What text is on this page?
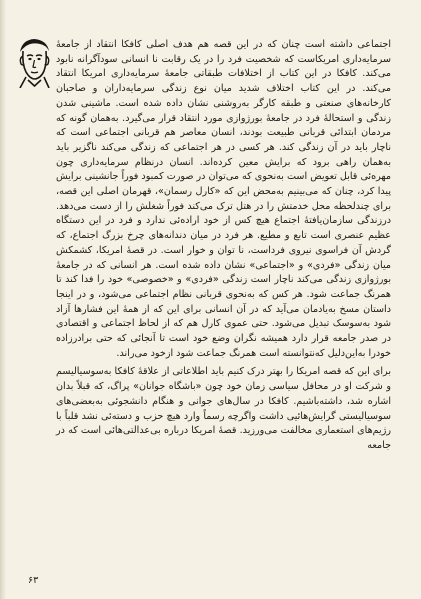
اجتماعی داشته است چنان که در این قصه هم هدف اصلی کافکا انتقاد از جامعهٔ سرمایه‌داری امریکاست که شخصیت فرد را در یک رقابت نا انسانی سودآگرانه نابود می‌کند. کافکا در این کتاب از اختلافات طبقاتی جامعهٔ سرمایه‌داری امریکا انتقاد می‌کند. در این کتاب اختلاف شدید میان نوع زندگی سرمایه‌داران و صاحبان کارخانه‌های صنعتی و طبقه کارگر به‌روشنی نشان داده شده است. ماشینی شدن زندگی و استحالهٔ فرد در جامعهٔ بورژوازی مورد انتقاد قرار می‌گیرد. به‌همان گونه که مردمان ابتدائی قربانی طبیعت بودند، انسان معاصر هم قربانی اجتماعی است که ناچار باید در آن زندگی کند. هر کسی در هر اجتماعی که زندگی می‌کند ناگزیر باید به‌همان راهی برود که برایش معین کرده‌اند. انسان درنظام سرمایه‌داری چون مهره‌ئی قابل تعویض است به‌نحوی که می‌توان در صورت کمبود فوراً جانشینی برایش پیدا کرد، چنان که می‌بینیم به‌محض این که «کارل رسمان»، قهرمان اصلی این قصه، برای چندلحظه محل خدمتش را در هتل ترک می‌کند فوراً شغلش را از دست می‌دهد. درزندگی سازمان‌یافتهٔ اجتماع هیچ کس از خود اراده‌ئی ندارد و فرد در این دستگاه عظیم عنصری است تابع و مطیع. هر فرد در میان دندانه‌های چرخ بزرگ اجتماع، که گردش آن فراسوی نیروی فرداست، نا توان و خوار است. در قصهٔ امریکا، کشمکش میان زندگی «فردی» و «اجتماعی» نشان داده شده است. هر انسانی که در جامعهٔ بورژوازی زندگی می‌کند ناچار است زندگی «فردی» و «خصوصی» خود را فدا کند تا همرنگ جماعت شود. هر کس که به‌نحوی قربانی نظام اجتماعی می‌شود، و در اینجا داستان مسخ به‌یادمان می‌آید که در آن انسانی برای این که از همهٔ این فشارها آزاد شود به‌سوسک تبدیل می‌شود. حتی عموی کارل هم که از لحاظ اجتماعی و اقتصادی در صدر جامعه قرار دارد همیشه نگران وضع خود است تا آنجائی که حتی برادرزاده خودرا به‌این‌دلیل که‌نتوانسته است همرنگ جماعت شود ازخود می‌راند.

برای این که قصه امریکا را بهتر درک کنیم باید اطلاعاتی از علاقهٔ کافکا به‌سوسیالیسم و شرکت او در محافل سیاسی زمان خود چون «باشگاه جوانان» پراگ، که قبلاً بدان اشاره شد، داشته‌باشیم. کافکا در سال‌های جوانی و هنگام دانشجوئی به‌بعضی‌های سوسیالیستی گرایش‌هائیی داشت واگرچه رسماً وارد هیچ حزب و دسته‌ئی نشد قلباً با رژیم‌های استعماری مخالفت می‌ورزید. قصهٔ امریکا درباره بی‌عدالتی‌هائی است که در جامعه

۶۳
